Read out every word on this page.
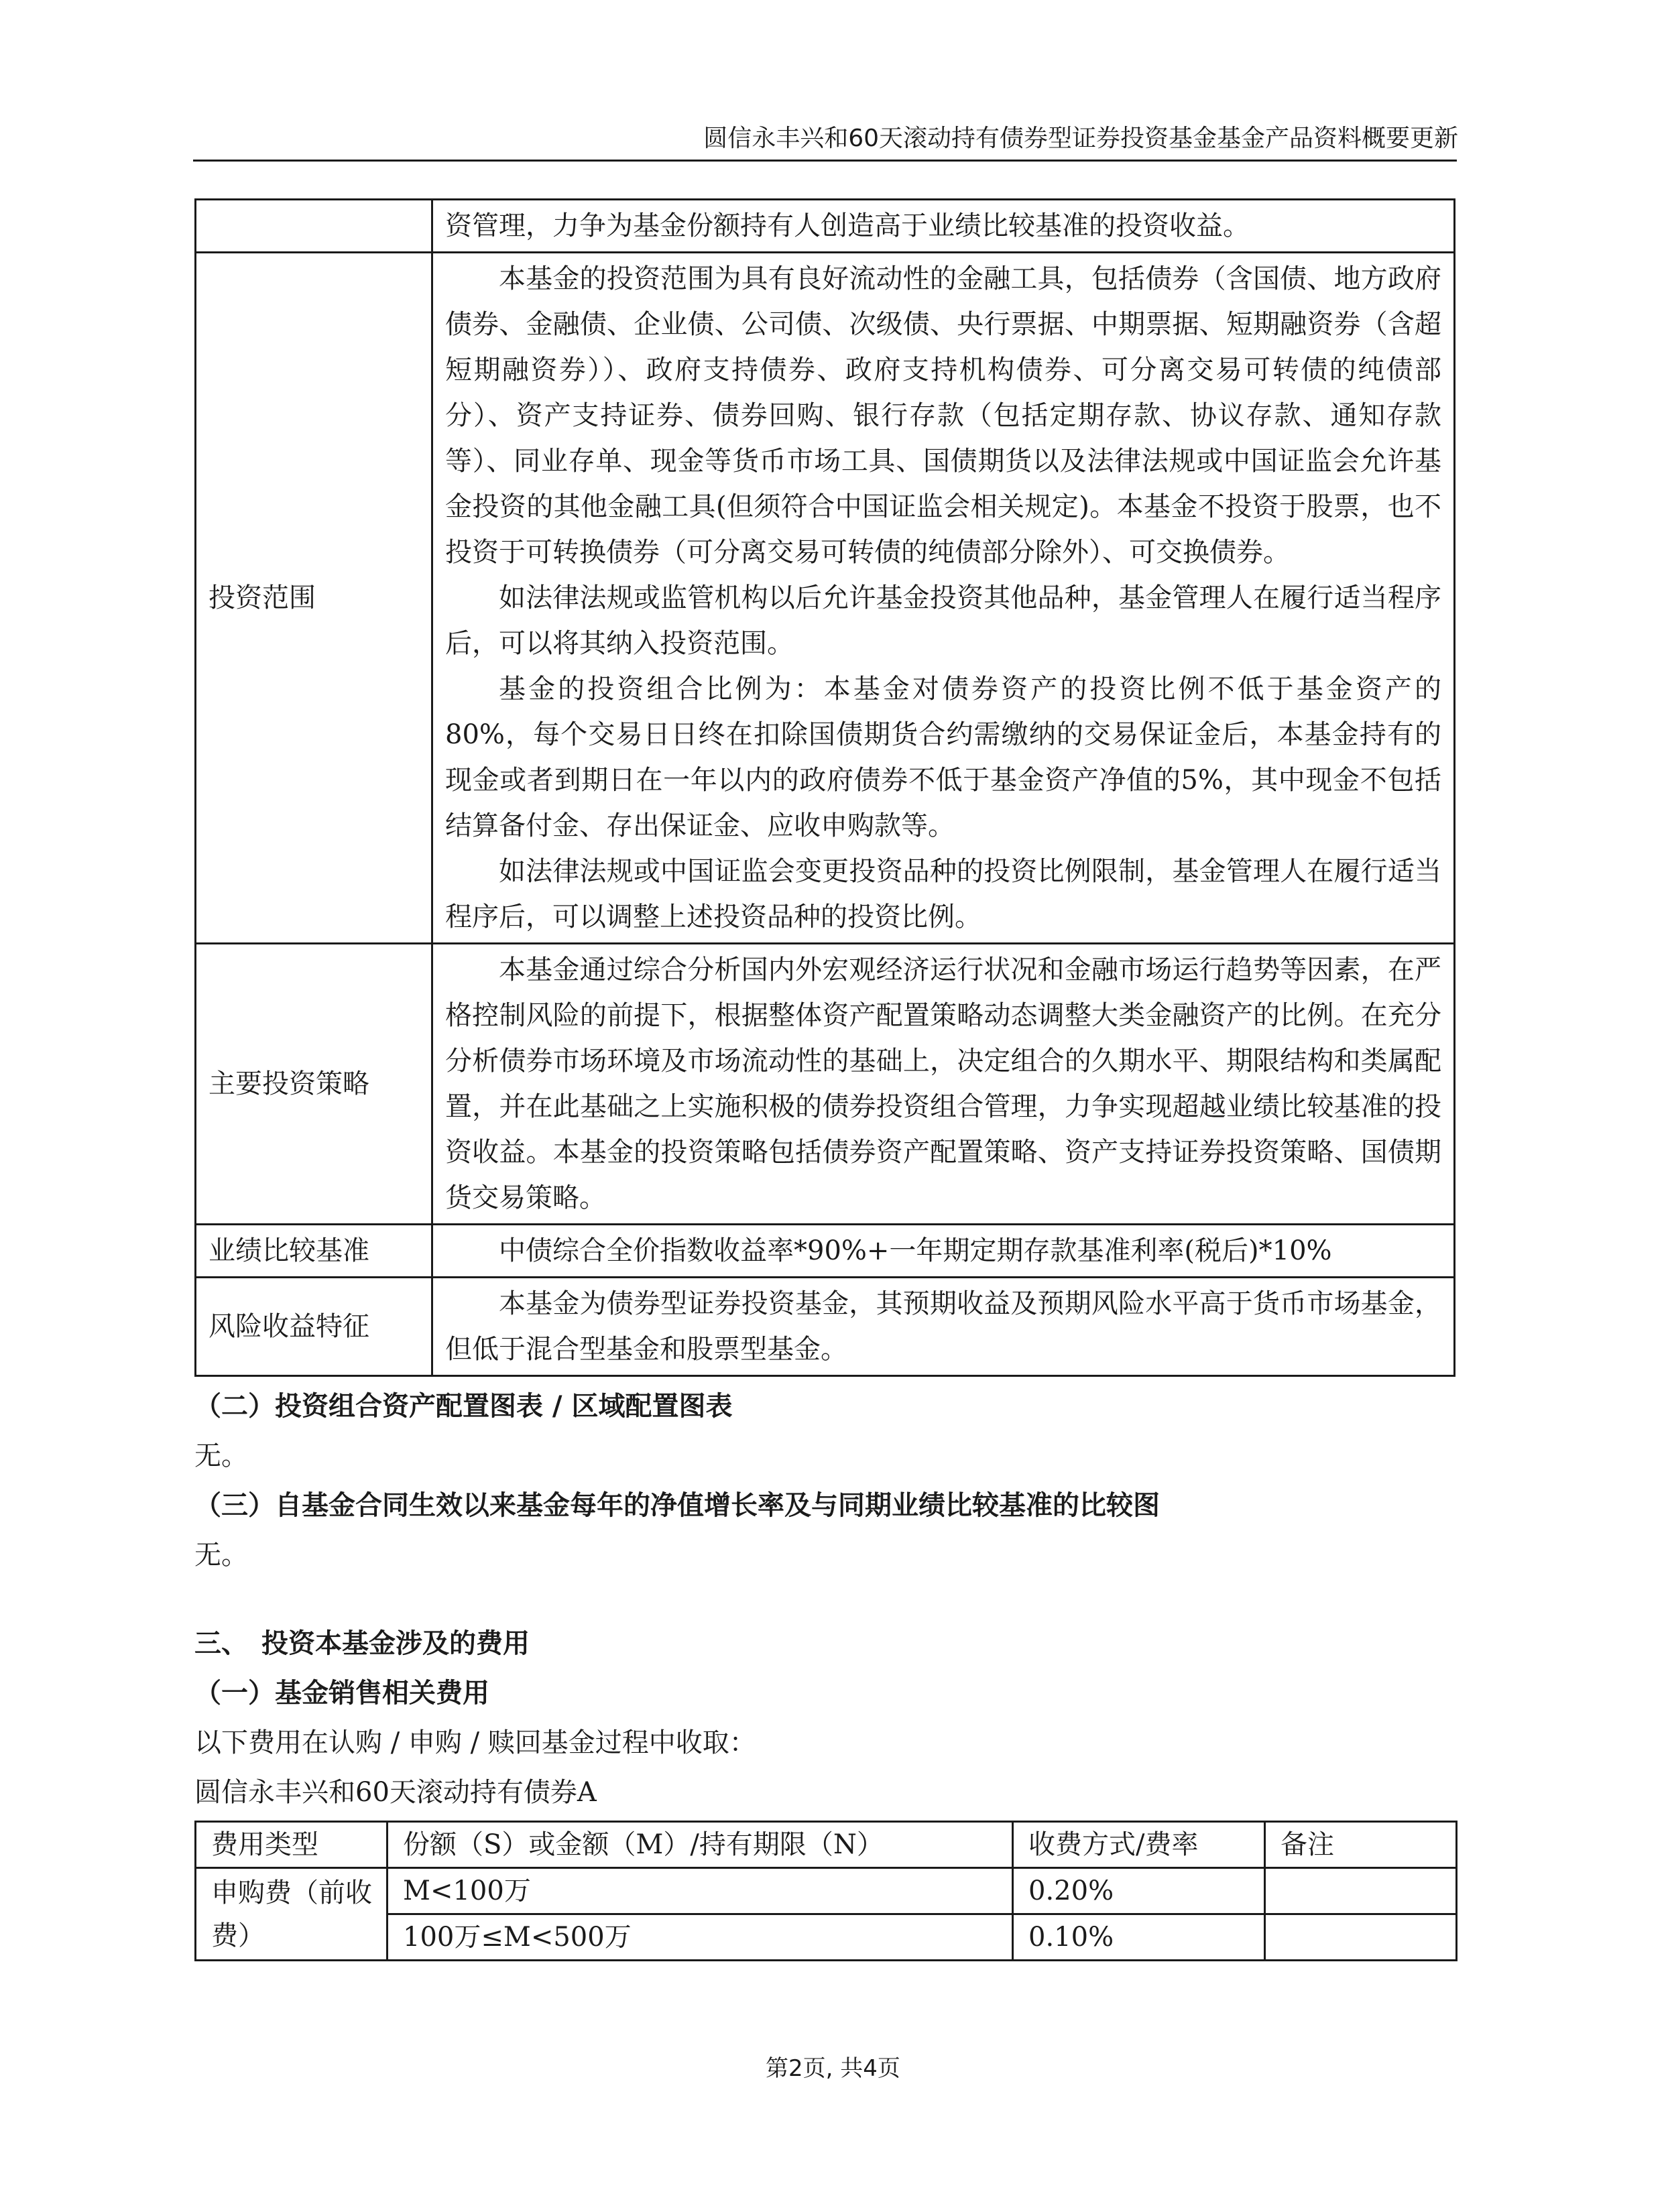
圆信永丰兴和60天滚动持有债券型证券投资基金基金产品资料概要更新

	资管理，力争为基金份额持有人创造高于业绩比较基准的投资收益。

投资范围	本基金的投资范围为具有良好流动性的金融工具，包括债券（含国债、地方政府债券、金融债、企业债、公司债、次级债、央行票据、中期票据、短期融资券（含超短期融资券））、政府支持债券、政府支持机构债券、可分离交易可转债的纯债部分）、资产支持证券、债券回购、银行存款（包括定期存款、协议存款、通知存款等）、同业存单、现金等货币市场工具、国债期货以及法律法规或中国证监会允许基金投资的其他金融工具(但须符合中国证监会相关规定)。本基金不投资于股票，也不投资于可转换债券（可分离交易可转债的纯债部分除外）、可交换债券。

如法律法规或监管机构以后允许基金投资其他品种，基金管理人在履行适当程序后，可以将其纳入投资范围。

基金的投资组合比例为：本基金对债券资产的投资比例不低于基金资产的80%，每个交易日日终在扣除国债期货合约需缴纳的交易保证金后，本基金持有的现金或者到期日在一年以内的政府债券不低于基金资产净值的5%，其中现金不包括结算备付金、存出保证金、应收申购款等。

如法律法规或中国证监会变更投资品种的投资比例限制，基金管理人在履行适当程序后，可以调整上述投资品种的投资比例。

主要投资策略	本基金通过综合分析国内外宏观经济运行状况和金融市场运行趋势等因素，在严格控制风险的前提下，根据整体资产配置策略动态调整大类金融资产的比例。在充分分析债券市场环境及市场流动性的基础上，决定组合的久期水平、期限结构和类属配置，并在此基础之上实施积极的债券投资组合管理，力争实现超越业绩比较基准的投资收益。本基金的投资策略包括债券资产配置策略、资产支持证券投资策略、国债期货交易策略。

业绩比较基准	中债综合全价指数收益率*90%+一年期定期存款基准利率(税后)*10%

风险收益特征	本基金为债券型证券投资基金，其预期收益及预期风险水平高于货币市场基金，但低于混合型基金和股票型基金。

（二）投资组合资产配置图表 / 区域配置图表
无。
（三）自基金合同生效以来基金每年的净值增长率及与同期业绩比较基准的比较图
无。
三、　投资本基金涉及的费用
（一）基金销售相关费用
以下费用在认购 / 申购 / 赎回基金过程中收取：
圆信永丰兴和60天滚动持有债券A
费用类型	份额（S）或金额（M）/持有期限（N）	收费方式/费率	备注
申购费（前收费）	M<100万	0.20%	
	100万≤M<500万	0.10%	
第2页, 共4页
